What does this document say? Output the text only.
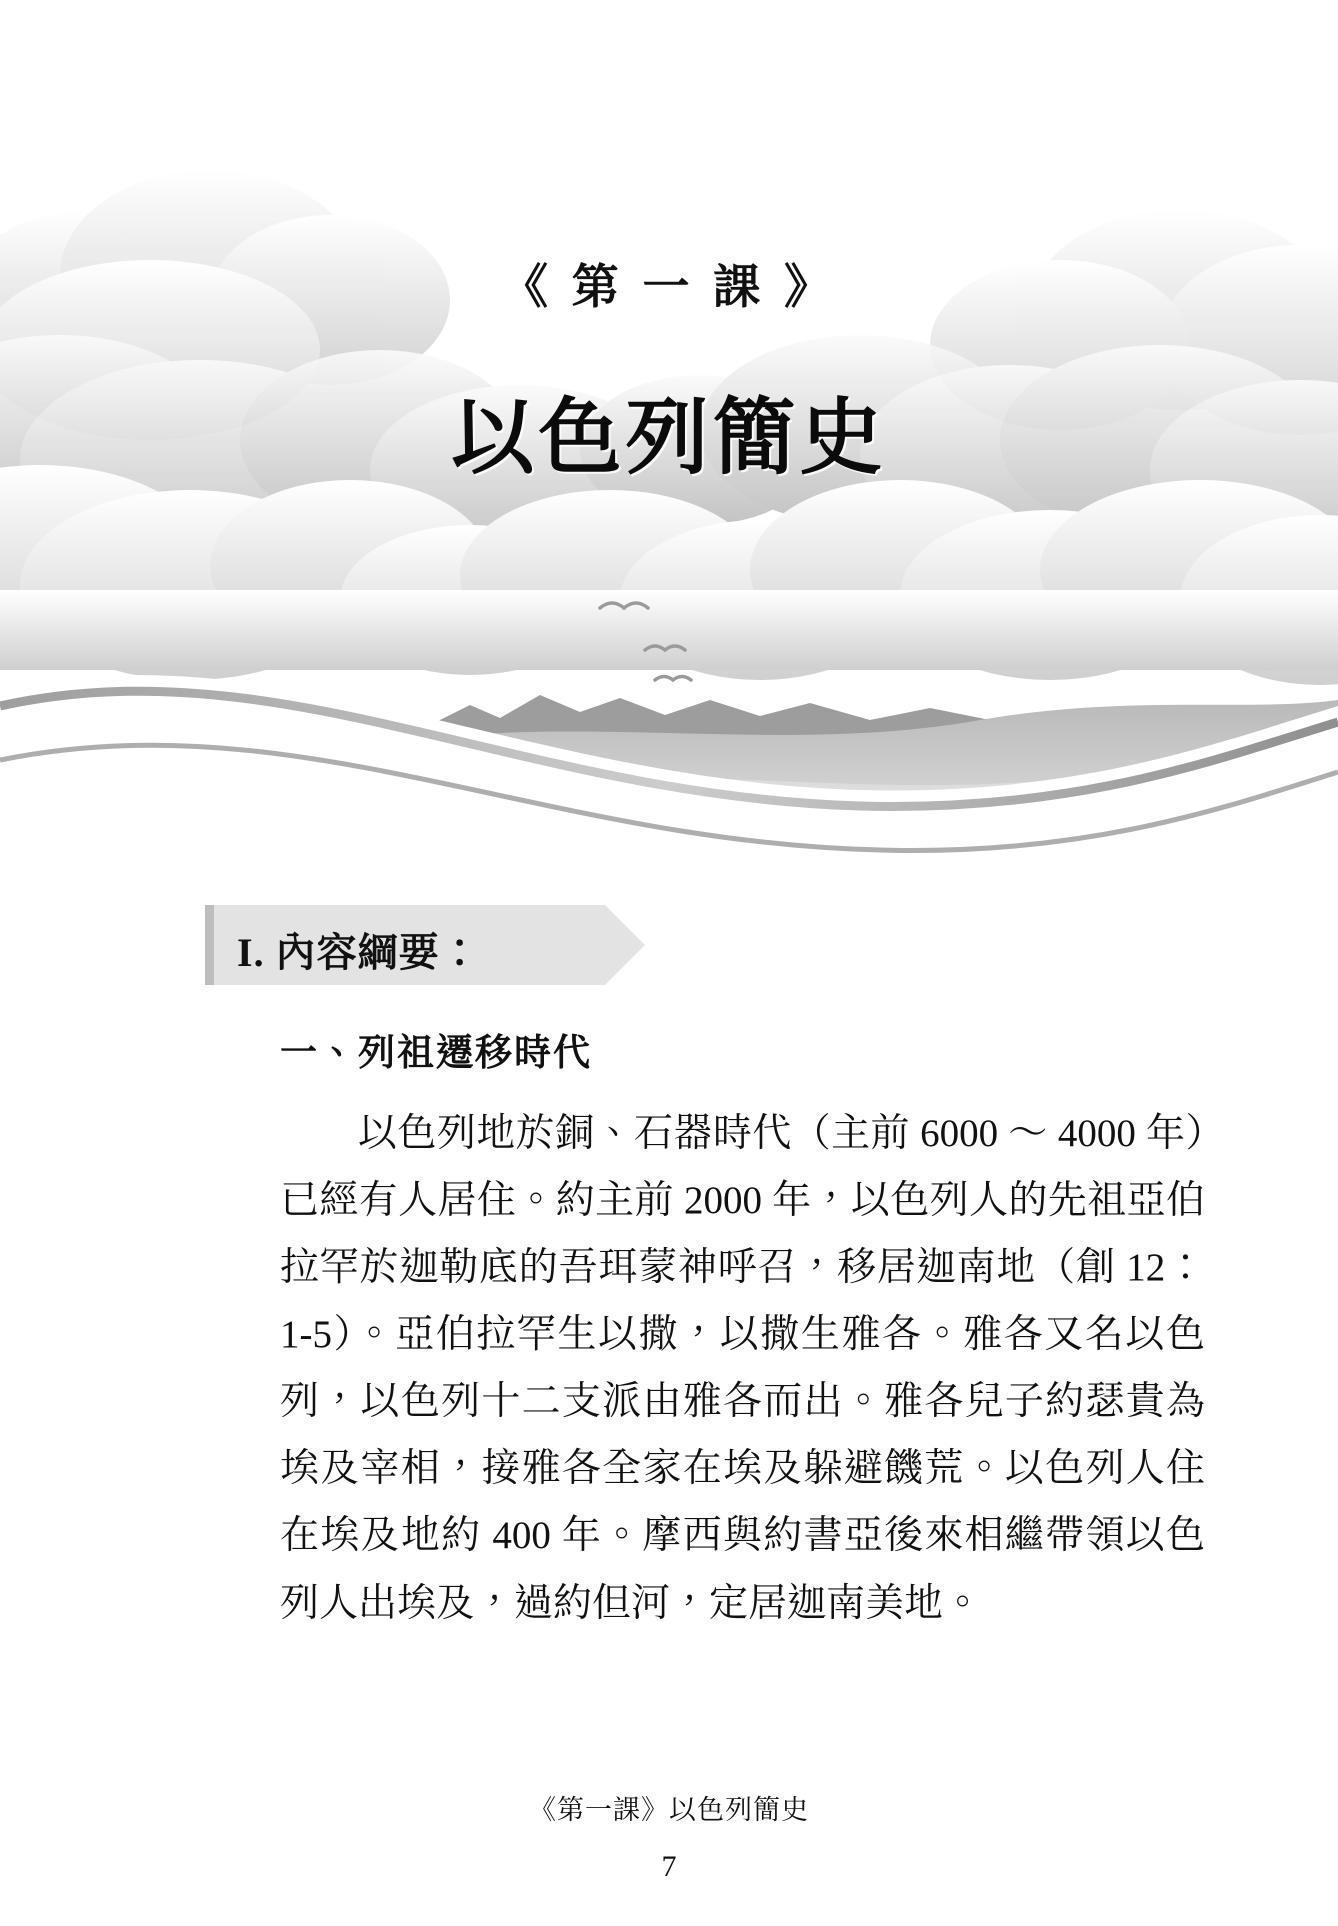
《 第 一 課 》
以色列簡史
I. 內容綱要：
一、列祖遷移時代
以色列地於銅、石器時代（主前 6000 ～ 4000 年）已經有人居住。約主前 2000 年，以色列人的先祖亞伯拉罕於迦勒底的吾珥蒙神呼召，移居迦南地（創 12：1-5）。亞伯拉罕生以撒，以撒生雅各。雅各又名以色列，以色列十二支派由雅各而出。雅各兒子約瑟貴為埃及宰相，接雅各全家在埃及躲避饑荒。以色列人住在埃及地約 400 年。摩西與約書亞後來相繼帶領以色列人出埃及，過約但河，定居迦南美地。
《第一課》以色列簡史
7
